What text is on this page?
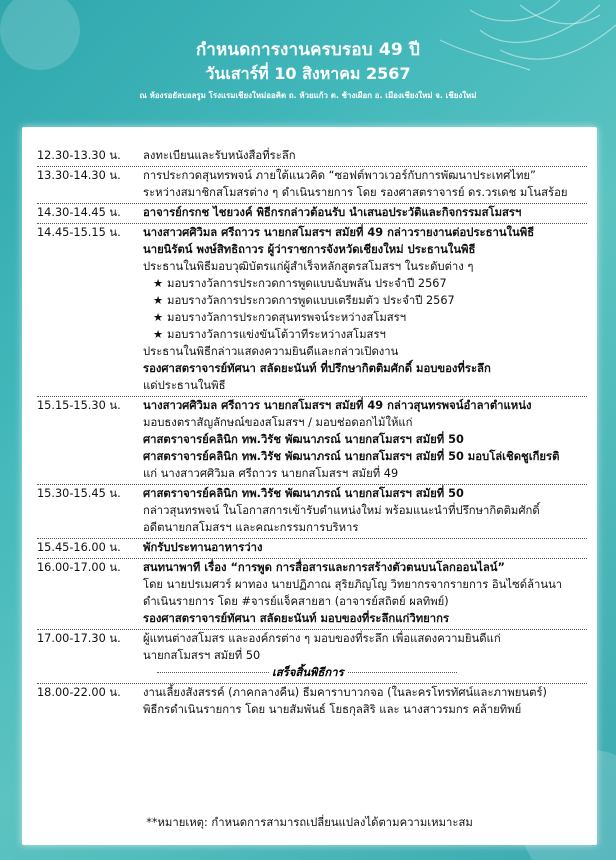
กำหนดการงานครบรอบ 49 ปี
วันเสาร์ที่ 10 สิงหาคม 2567
ณ ห้องรอยัลบอลรูม โรงแรมเชียงใหม่ออคิด ถ. ห้วยแก้ว ต. ช้างเผือก อ. เมืองเชียงใหม่ จ. เชียงใหม่
12.30-13.30 น.	ลงทะเบียนและรับหนังสือที่ระลึก
13.30-14.30 น.	การประกวดสุนทรพจน์ ภายใต้แนวคิด “ซอฟต์พาวเวอร์กับการพัฒนาประเทศไทย”
ระหว่างสมาชิกสโมสรต่าง ๆ ดำเนินรายการ โดย รองศาสตราจารย์ ดร.วรเดช มโนสร้อย
14.30-14.45 น.	อาจารย์กรกช ไชยวงค์ พิธีกรกล่าวต้อนรับ นำเสนอประวัติและกิจกรรมสโมสรฯ
14.45-15.15 น.	นางสาวศศิวิมล ศรีถาวร นายกสโมสรฯ สมัยที่ 49 กล่าวรายงานต่อประธานในพิธี
นายนิรัตน์ พงษ์สิทธิถาวร ผู้ว่าราชการจังหวัดเชียงใหม่ ประธานในพิธี
ประธานในพิธีมอบวุฒิบัตรแก่ผู้สำเร็จหลักสูตรสโมสรฯ ในระดับต่าง ๆ
★ มอบรางวัลการประกวดการพูดแบบฉับพลัน ประจำปี 2567
★ มอบรางวัลการประกวดการพูดแบบเตรียมตัว ประจำปี 2567
★ มอบรางวัลการประกวดสุนทรพจน์ระหว่างสโมสรฯ
★ มอบรางวัลการแข่งขันโต้วาทีระหว่างสโมสรฯ
ประธานในพิธีกล่าวแสดงความยินดีและกล่าวเปิดงาน
รองศาสตราจารย์ทัศนา สลัดยะนันท์ ที่ปรึกษากิตติมศักดิ์ มอบของที่ระลึก
แด่ประธานในพิธี
15.15-15.30 น.	นางสาวศศิวิมล ศรีถาวร นายกสโมสรฯ สมัยที่ 49 กล่าวสุนทรพจน์อำลาตำแหน่ง
มอบธงตราสัญลักษณ์ของสโมสรฯ / มอบช่อดอกไม้ให้แก่
ศาสตราจารย์คลินิก ทพ.วิรัช พัฒนาภรณ์ นายกสโมสรฯ สมัยที่ 50
ศาสตราจารย์คลินิก ทพ.วิรัช พัฒนาภรณ์ นายกสโมสรฯ สมัยที่ 50 มอบโล่เชิดชูเกียรติ
แก่ นางสาวศศิวิมล ศรีถาวร นายกสโมสรฯ สมัยที่ 49
15.30-15.45 น.	ศาสตราจารย์คลินิก ทพ.วิรัช พัฒนาภรณ์ นายกสโมสรฯ สมัยที่ 50
กล่าวสุนทรพจน์ ในโอกาสการเข้ารับตำแหน่งใหม่ พร้อมแนะนำที่ปรึกษากิตติมศักดิ์
อดีตนายกสโมสรฯ และคณะกรรมการบริหาร
15.45-16.00 น.	พักรับประทานอาหารว่าง
16.00-17.00 น.	สนทนาพาที เรื่อง “การพูด การสื่อสารและการสร้างตัวตนบนโลกออนไลน์”
โดย นายปรเมศวร์ ผาทอง นายปฏิภาณ สุริยภิญโญ วิทยากรจากรายการ อินไซด์ล้านนา
ดำเนินรายการ โดย #จารย์แจ็คสายฮา (อาจารย์สถิตย์ ผลทิพย์)
รองศาสตราจารย์ทัศนา สลัดยะนันท์ มอบของที่ระลึกแก่วิทยากร
17.00-17.30 น.	ผู้แทนต่างสโมสร และองค์กรต่าง ๆ มอบของที่ระลึก เพื่อแสดงความยินดีแก่
นายกสโมสรฯ สมัยที่ 50
เสร็จสิ้นพิธีการ
18.00-22.00 น.	งานเลี้ยงสังสรรค์ (ภาคกลางคืน) ธีมคาราบาวกจอ (ในละครโทรทัศน์และภาพยนตร์)
พิธีกรดำเนินรายการ โดย นายสัมพันธ์ โยธกุลสิริ และ นางสาวรมกร คล้ายทิพย์
**หมายเหตุ: กำหนดการสามารถเปลี่ยนแปลงได้ตามความเหมาะสม
